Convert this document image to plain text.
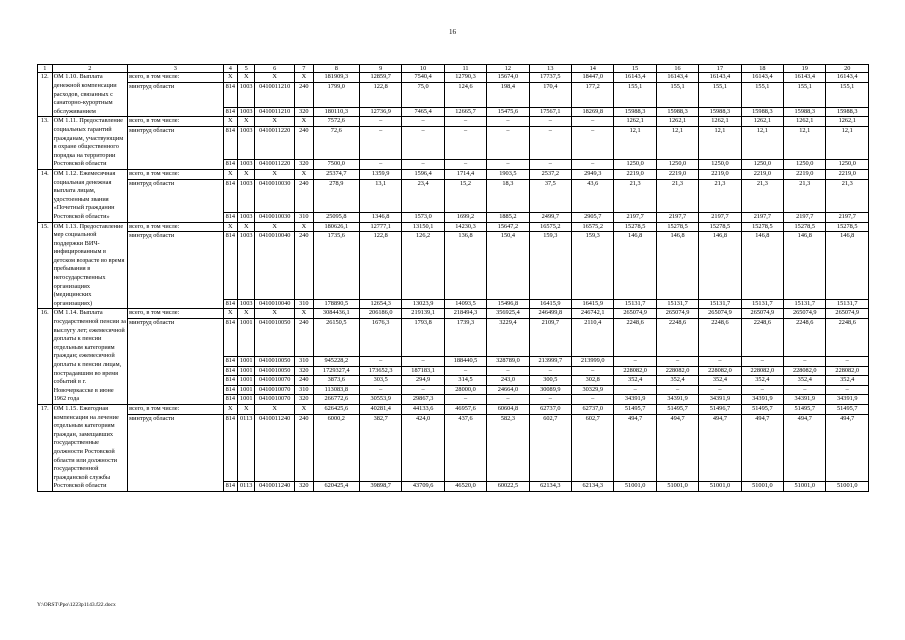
16
1	2	3	4	5	6	7	8	9	10	11	12	13	14	15	16	17	18	19	20
12.	ОМ 1.10. Выплата денежной компенсации расходов, связанных с санаторно-курортным обслуживанием	всего, в том числе:	X	X	X	X	181909,3	12859,7	7540,4	12790,3	15674,0	17737,5	18447,0	16143,4	16143,4	16143,4	16143,4	16143,4	16143,4
		минтруд области	814	1003	0410011210	240	1799,0	122,8	75,0	124,6	198,4	170,4	177,2	155,1	155,1	155,1	155,1	155,1	155,1
			814	1003	0410011210	320	180110,3	12736,9	7465,4	12665,7	15475,6	17567,1	18269,8	15988,3	15988,3	15988,3	15988,3	15988,3	15988,3
13.	ОМ 1.11. Предоставление социальных гарантий гражданам, участвующим в охране общественного порядка на территории Ростовской области	всего, в том числе:	X	X	X	X	7572,6	–	–	–	–	–	–	1262,1	1262,1	1262,1	1262,1	1262,1	1262,1
		минтруд области	814	1003	0410011220	240	72,6	–	–	–	–	–	–	12,1	12,1	12,1	12,1	12,1	12,1
			814	1003	0410011220	320	7500,0	–	–	–	–	–	–	1250,0	1250,0	1250,0	1250,0	1250,0	1250,0
14.	ОМ 1.12. Ежемесячная социальная денежная выплата лицам, удостоенным звания «Почетный гражданин Ростовской области»	всего, в том числе:	X	X	X	X	25374,7	1359,9	1596,4	1714,4	1903,5	2537,2	2949,3	2219,0	2219,0	2219,0	2219,0	2219,0	2219,0
		минтруд области	814	1003	0410010030	240	278,9	13,1	23,4	15,2	18,3	37,5	43,6	21,3	21,3	21,3	21,3	21,3	21,3
			814	1003	0410010030	310	25095,8	1346,8	1573,0	1699,2	1885,2	2499,7	2905,7	2197,7	2197,7	2197,7	2197,7	2197,7	2197,7
15.	ОМ 1.13. Предоставление мер социальной поддержки ВИЧ-инфицированным в детском возрасте во время пребывания в негосударственных организациях (медицинских организациях)	всего, в том числе:	X	X	X	X	180626,1	12777,1	13150,1	14230,3	15647,2	16575,2	16575,2	15278,5	15278,5	15278,5	15278,5	15278,5	15278,5
		минтруд области	814	1003	0410010040	240	1735,6	122,8	126,2	136,8	150,4	159,3	159,3	146,8	146,8	146,8	146,8	146,8	146,8
			814	1003	0410010040	310	178890,5	12654,3	13023,9	14093,5	15496,8	16415,9	16415,9	15131,7	15131,7	15131,7	15131,7	15131,7	15131,7
16.	ОМ 1.14. Выплата государственной пенсии за выслугу лет; ежемесячной доплаты к пенсии отдельным категориям граждан; ежемесячной доплаты к пенсии лицам, пострадавшим во время событий в г. Новочеркасске в июне 1962 года	всего, в том числе:	X	X	X	X	3084436,1	206186,0	219139,1	218494,3	356925,4	246499,8	246742,1	265074,9	265074,9	265074,9	265074,9	265074,9	265074,9
		минтруд области	814	1001	0410010050	240	26150,5	1676,3	1793,8	1739,3	3229,4	2109,7	2110,4	2248,6	2248,6	2248,6	2248,6	2248,6	2248,6
			814	1001	0410010050	310	945228,2	–	–	188440,5	328789,0	213999,7	213999,0	–	–	–	–	–	–
			814	1001	0410010050	320	1729327,4	173652,3	187183,1	–	–	–	–	228082,0	228082,0	228082,0	228082,0	228082,0	228082,0
			814	1001	0410010070	240	3873,6	303,5	294,9	314,5	243,0	300,5	302,8	352,4	352,4	352,4	352,4	352,4	352,4
			814	1001	0410010070	310	113083,8	–	–	28000,0	24664,0	30089,9	30329,9	–	–	–	–	–	–
			814	1001	0410010070	320	266772,6	30553,9	29867,3	–	–	–	–	34391,9	34391,9	34391,9	34391,9	34391,9	34391,9
17.	ОМ 1.15. Ежегодная компенсация на лечение отдельным категориям граждан, замещавших государственные должности Ростовской области или должности государственной гражданской службы Ростовской области	всего, в том числе:	X	X	X	X	626425,6	40281,4	44133,6	46957,6	60604,8	62737,0	62737,0	51495,7	51495,7	51496,7	51495,7	51495,7	51495,7
		минтруд области	814	0113	0410011240	240	6000,2	382,7	424,0	437,6	582,3	602,7	602,7	494,7	494,7	494,7	494,7	494,7	494,7
			814	0113	0410011240	320	620425,4	39898,7	43709,6	46520,0	60022,5	62134,3	62134,3	51001,0	51001,0	51001,0	51001,0	51001,0	51001,0
Y:\ORST\Ppo\1223p1143.f22.docx
